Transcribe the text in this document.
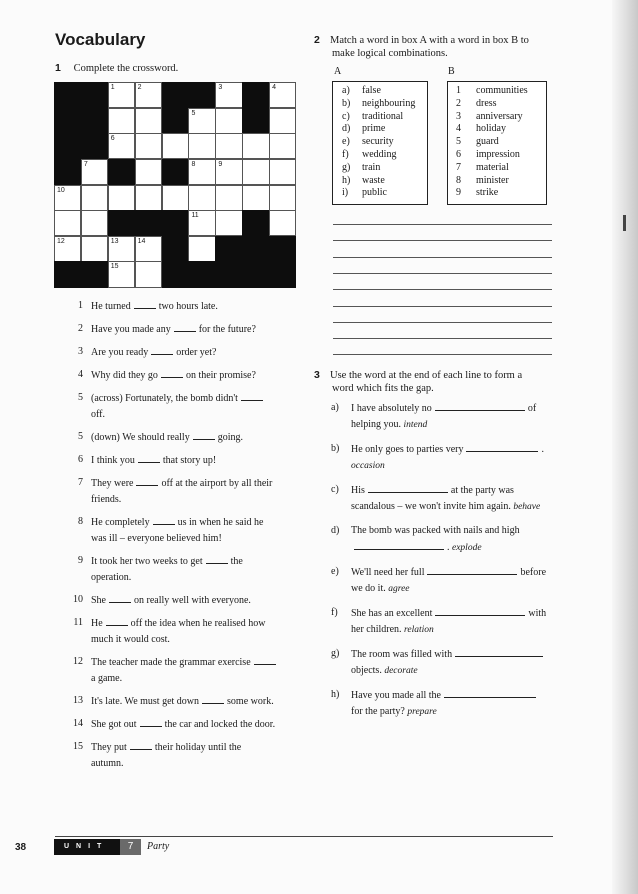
Vocabulary
1 Complete the crossword.
1	2	3	4
5
6
7	8	9
10
11
12	13	14
15
1 He turned	two hours late.
2 Have you made any	for the future?
3 Are you ready	order yet?
4 Why did they go	on their promise?
5 (across) Fortunately, the bomb didn't
off.
5 (down) We should really	going.
6 I think you	that story up!
7 They were	off at the airport by all their
friends.
8 He completely	us in when he said he
was ill – everyone believed him!
9 It took her two weeks to get	the
operation.
10 She	on really well with everyone.
11 He	off the idea when he realised how
much it would cost.
12 The teacher made the grammar exercise
a game.
13 It's late. We must get down	some work.
14 She got out	the car and locked the door.
15 They put	their holiday until the
autumn.
2 Match a word in box A with a word in box B to
make logical combinations.
A	B
a)	false
b)	neighbouring
c)	traditional
d)	prime
e)	security
f)	wedding
g)	train
h)	waste
i)	public
1	communities
2	dress
3	anniversary
4	holiday
5	guard
6	impression
7	material
8	minister
9	strike
3 Use the word at the end of each line to form a
word which fits the gap.
a)	I have absolutely no	of
helping you. intend
b)	He only goes to parties very	.
occasion
c)	His	at the party was
scandalous – we won't invite him again. behave
d)	The bomb was packed with nails and high
. explode
e)	We'll need her full	before
we do it. agree
f)	She has an excellent	with
her children. relation
g)	The room was filled with
objects. decorate
h)	Have you made all the
for the party? prepare
38	UNIT	7	Party
